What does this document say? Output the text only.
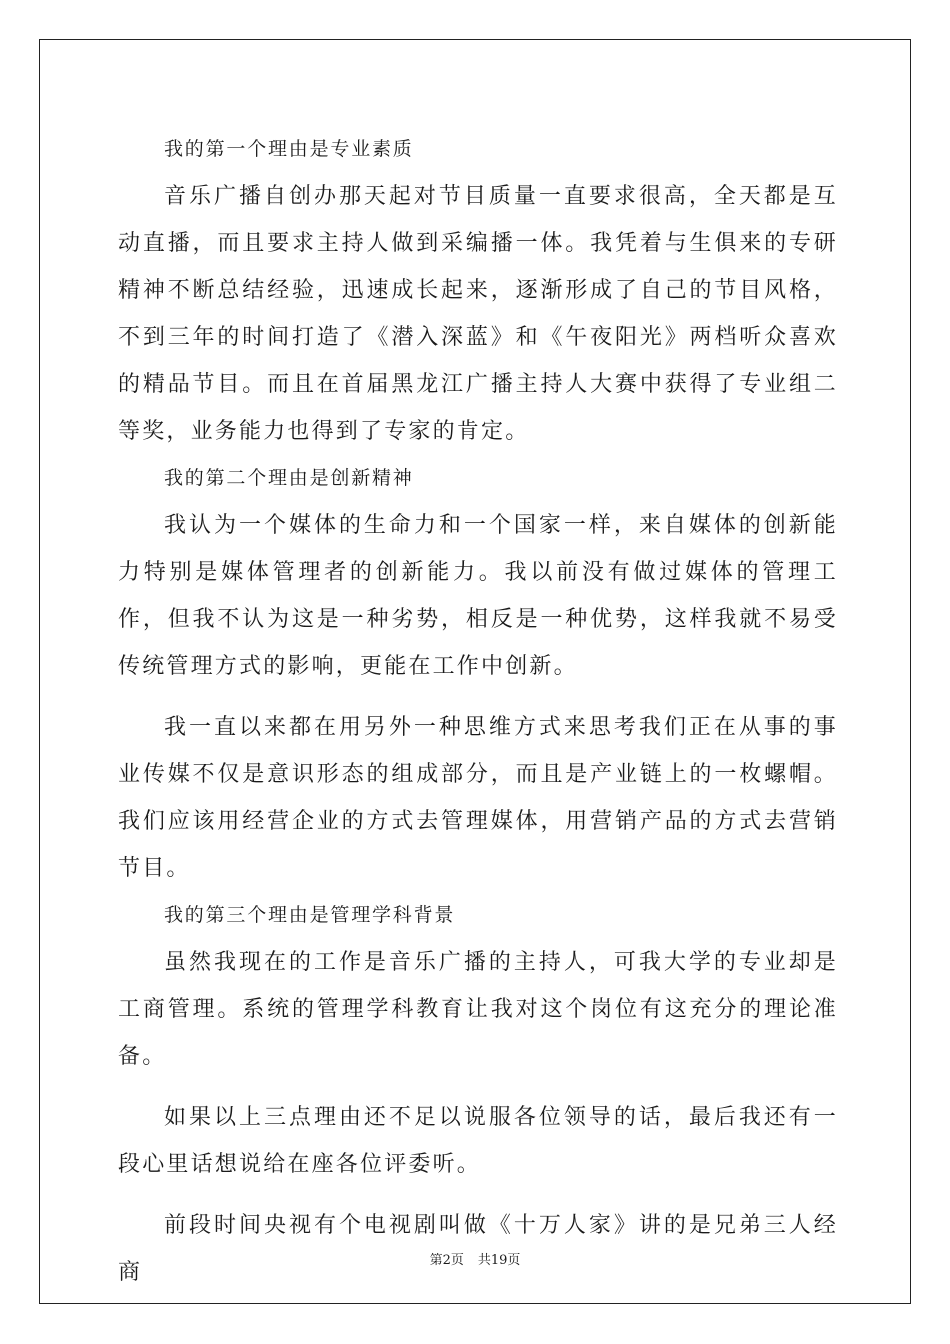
我的第一个理由是专业素质

音乐广播自创办那天起对节目质量一直要求很高，全天都是互动直播，而且要求主持人做到采编播一体。我凭着与生俱来的专研精神不断总结经验，迅速成长起来，逐渐形成了自己的节目风格，不到三年的时间打造了《潜入深蓝》和《午夜阳光》两档听众喜欢的精品节目。而且在首届黑龙江广播主持人大赛中获得了专业组二等奖，业务能力也得到了专家的肯定。

我的第二个理由是创新精神

我认为一个媒体的生命力和一个国家一样，来自媒体的创新能力特别是媒体管理者的创新能力。我以前没有做过媒体的管理工作，但我不认为这是一种劣势，相反是一种优势，这样我就不易受传统管理方式的影响，更能在工作中创新。

我一直以来都在用另外一种思维方式来思考我们正在从事的事业传媒不仅是意识形态的组成部分，而且是产业链上的一枚螺帽。我们应该用经营企业的方式去管理媒体，用营销产品的方式去营销节目。

我的第三个理由是管理学科背景

虽然我现在的工作是音乐广播的主持人，可我大学的专业却是工商管理。系统的管理学科教育让我对这个岗位有这充分的理论准备。

如果以上三点理由还不足以说服各位领导的话，最后我还有一段心里话想说给在座各位评委听。

前段时间央视有个电视剧叫做《十万人家》讲的是兄弟三人经商	第2页 共19页
